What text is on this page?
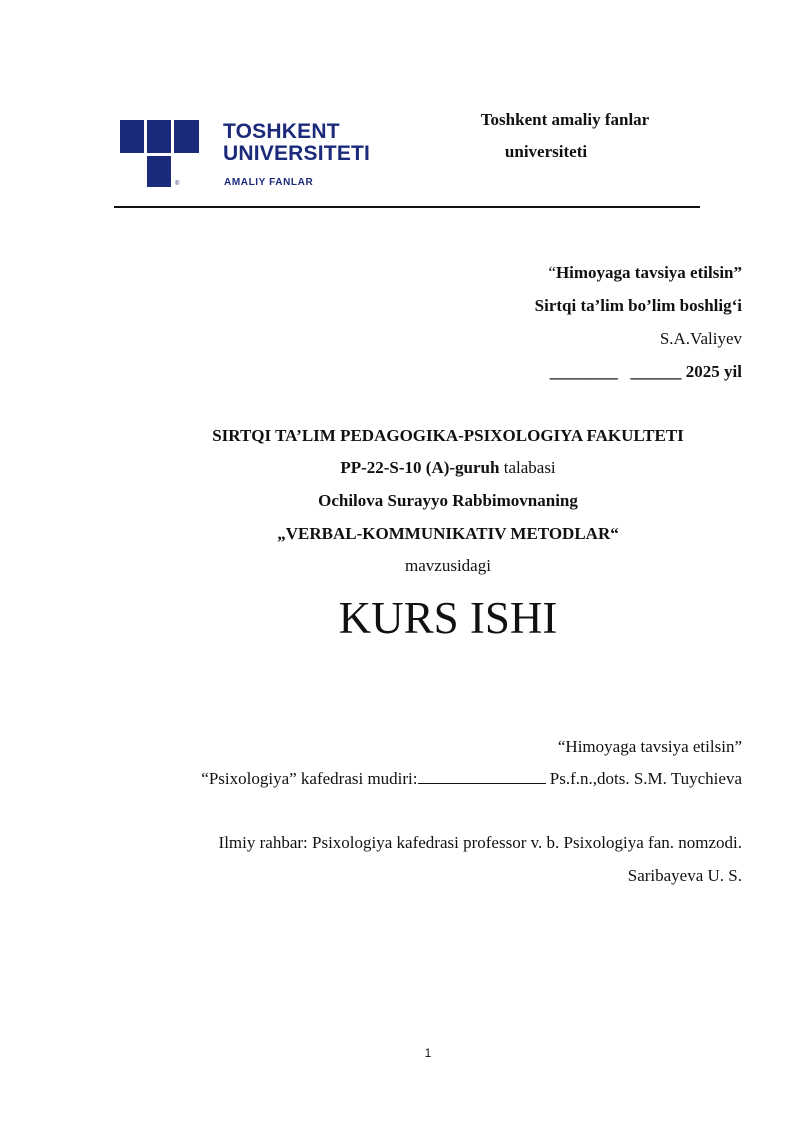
®
TOSHKENT
UNIVERSITETI
AMALIY FANLAR
Toshkent amaliy fanlar
universiteti
“Himoyaga tavsiya etilsin”
Sirtqi ta’lim bo’lim boshlig‘i
S.A.Valiyev
________ ______ 2025 yil
SIRTQI TA’LIM PEDAGOGIKA-PSIXOLOGIYA FAKULTETI
PP-22-S-10 (A)-guruh talabasi
Ochilova Surayyo Rabbimovnaning
„VERBAL-KOMMUNIKATIV METODLAR“
mavzusidagi
KURS ISHI
“Himoyaga tavsiya etilsin”
“Psixologiya” kafedrasi mudiri:	Ps.f.n.,dots. S.M. Tuychieva
Ilmiy rahbar: Psixologiya kafedrasi professor v. b. Psixologiya fan. nomzodi.
Saribayeva U. S.
1
